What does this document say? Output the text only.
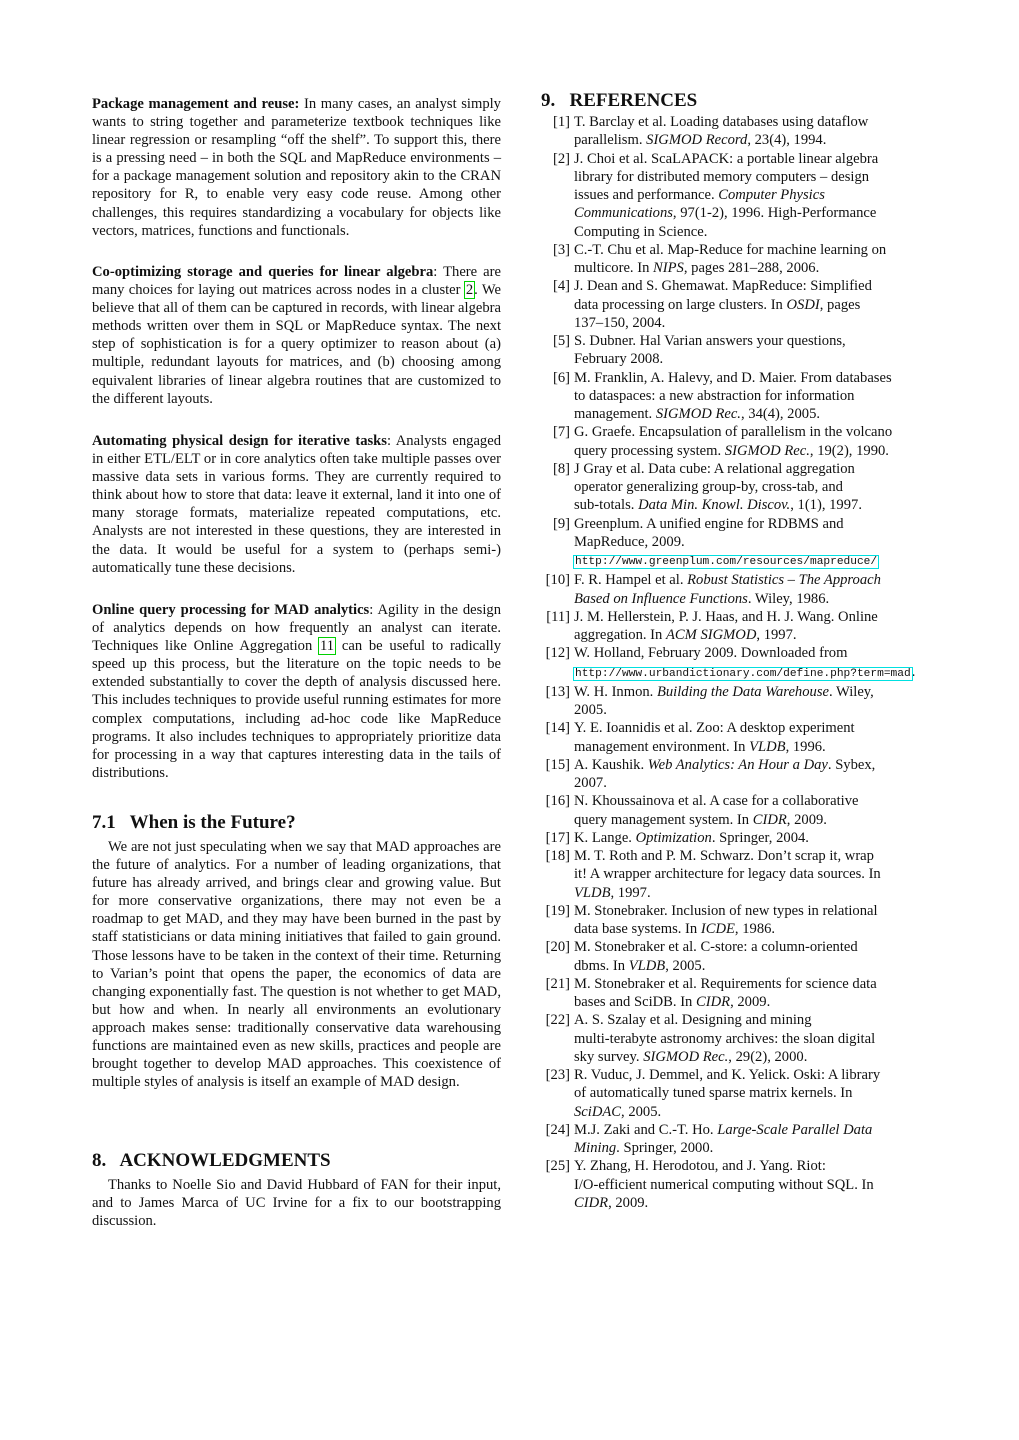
Package management and reuse: In many cases, an analyst simply wants to string together and parameterize textbook techniques like linear regression or resampling “off the shelf”. To support this, there is a pressing need – in both the SQL and MapReduce environments – for a package management solution and repository akin to the CRAN repository for R, to enable very easy code reuse. Among other challenges, this requires standardizing a vocabulary for objects like vectors, matrices, functions and functionals.
Co-optimizing storage and queries for linear algebra: There are many choices for laying out matrices across nodes in a cluster 2. We believe that all of them can be captured in records, with linear algebra methods written over them in SQL or MapReduce syntax. The next step of sophistication is for a query optimizer to reason about (a) multiple, redundant layouts for matrices, and (b) choosing among equivalent libraries of linear algebra routines that are customized to the different layouts.
Automating physical design for iterative tasks: Analysts engaged in either ETL/ELT or in core analytics often take multiple passes over massive data sets in various forms. They are currently required to think about how to store that data: leave it external, land it into one of many storage formats, materialize repeated computations, etc. Analysts are not interested in these questions, they are interested in the data. It would be useful for a system to (perhaps semi-) automatically tune these decisions.
Online query processing for MAD analytics: Agility in the design of analytics depends on how frequently an analyst can iterate. Techniques like Online Aggregation 11 can be useful to radically speed up this process, but the literature on the topic needs to be extended substantially to cover the depth of analysis discussed here. This includes techniques to provide useful running estimates for more complex computations, including ad-hoc code like MapReduce programs. It also includes techniques to appropriately prioritize data for processing in a way that captures interesting data in the tails of distributions.
7.1   When is the Future?
We are not just speculating when we say that MAD approaches are the future of analytics. For a number of leading organizations, that future has already arrived, and brings clear and growing value. But for more conservative organizations, there may not even be a roadmap to get MAD, and they may have been burned in the past by staff statisticians or data mining initiatives that failed to gain ground. Those lessons have to be taken in the context of their time. Returning to Varian’s point that opens the paper, the economics of data are changing exponentially fast. The question is not whether to get MAD, but how and when. In nearly all environments an evolutionary approach makes sense: traditionally conservative data warehousing functions are maintained even as new skills, practices and people are brought together to develop MAD approaches. This coexistence of multiple styles of analysis is itself an example of MAD design.
8.   ACKNOWLEDGMENTS
Thanks to Noelle Sio and David Hubbard of FAN for their input, and to James Marca of UC Irvine for a fix to our bootstrapping discussion.
9.   REFERENCES
[1] T. Barclay et al. Loading databases using dataflow
parallelism. SIGMOD Record, 23(4), 1994.
[2] J. Choi et al. ScaLAPACK: a portable linear algebra
library for distributed memory computers – design
issues and performance. Computer Physics
Communications, 97(1-2), 1996. High-Performance
Computing in Science.
[3] C.-T. Chu et al. Map-Reduce for machine learning on
multicore. In NIPS, pages 281–288, 2006.
[4] J. Dean and S. Ghemawat. MapReduce: Simplified
data processing on large clusters. In OSDI, pages
137–150, 2004.
[5] S. Dubner. Hal Varian answers your questions,
February 2008.
[6] M. Franklin, A. Halevy, and D. Maier. From databases
to dataspaces: a new abstraction for information
management. SIGMOD Rec., 34(4), 2005.
[7] G. Graefe. Encapsulation of parallelism in the volcano
query processing system. SIGMOD Rec., 19(2), 1990.
[8] J Gray et al. Data cube: A relational aggregation
operator generalizing group-by, cross-tab, and
sub-totals. Data Min. Knowl. Discov., 1(1), 1997.
[9] Greenplum. A unified engine for RDBMS and
MapReduce, 2009.
http://www.greenplum.com/resources/mapreduce/
[10] F. R. Hampel et al. Robust Statistics – The Approach
Based on Influence Functions. Wiley, 1986.
[11] J. M. Hellerstein, P. J. Haas, and H. J. Wang. Online
aggregation. In ACM SIGMOD, 1997.
[12] W. Holland, February 2009. Downloaded from
http://www.urbandictionary.com/define.php?term=mad.
[13] W. H. Inmon. Building the Data Warehouse. Wiley,
2005.
[14] Y. E. Ioannidis et al. Zoo: A desktop experiment
management environment. In VLDB, 1996.
[15] A. Kaushik. Web Analytics: An Hour a Day. Sybex,
2007.
[16] N. Khoussainova et al. A case for a collaborative
query management system. In CIDR, 2009.
[17] K. Lange. Optimization. Springer, 2004.
[18] M. T. Roth and P. M. Schwarz. Don’t scrap it, wrap
it! A wrapper architecture for legacy data sources. In
VLDB, 1997.
[19] M. Stonebraker. Inclusion of new types in relational
data base systems. In ICDE, 1986.
[20] M. Stonebraker et al. C-store: a column-oriented
dbms. In VLDB, 2005.
[21] M. Stonebraker et al. Requirements for science data
bases and SciDB. In CIDR, 2009.
[22] A. S. Szalay et al. Designing and mining
multi-terabyte astronomy archives: the sloan digital
sky survey. SIGMOD Rec., 29(2), 2000.
[23] R. Vuduc, J. Demmel, and K. Yelick. Oski: A library
of automatically tuned sparse matrix kernels. In
SciDAC, 2005.
[24] M.J. Zaki and C.-T. Ho. Large-Scale Parallel Data
Mining. Springer, 2000.
[25] Y. Zhang, H. Herodotou, and J. Yang. Riot:
I/O-efficient numerical computing without SQL. In
CIDR, 2009.
